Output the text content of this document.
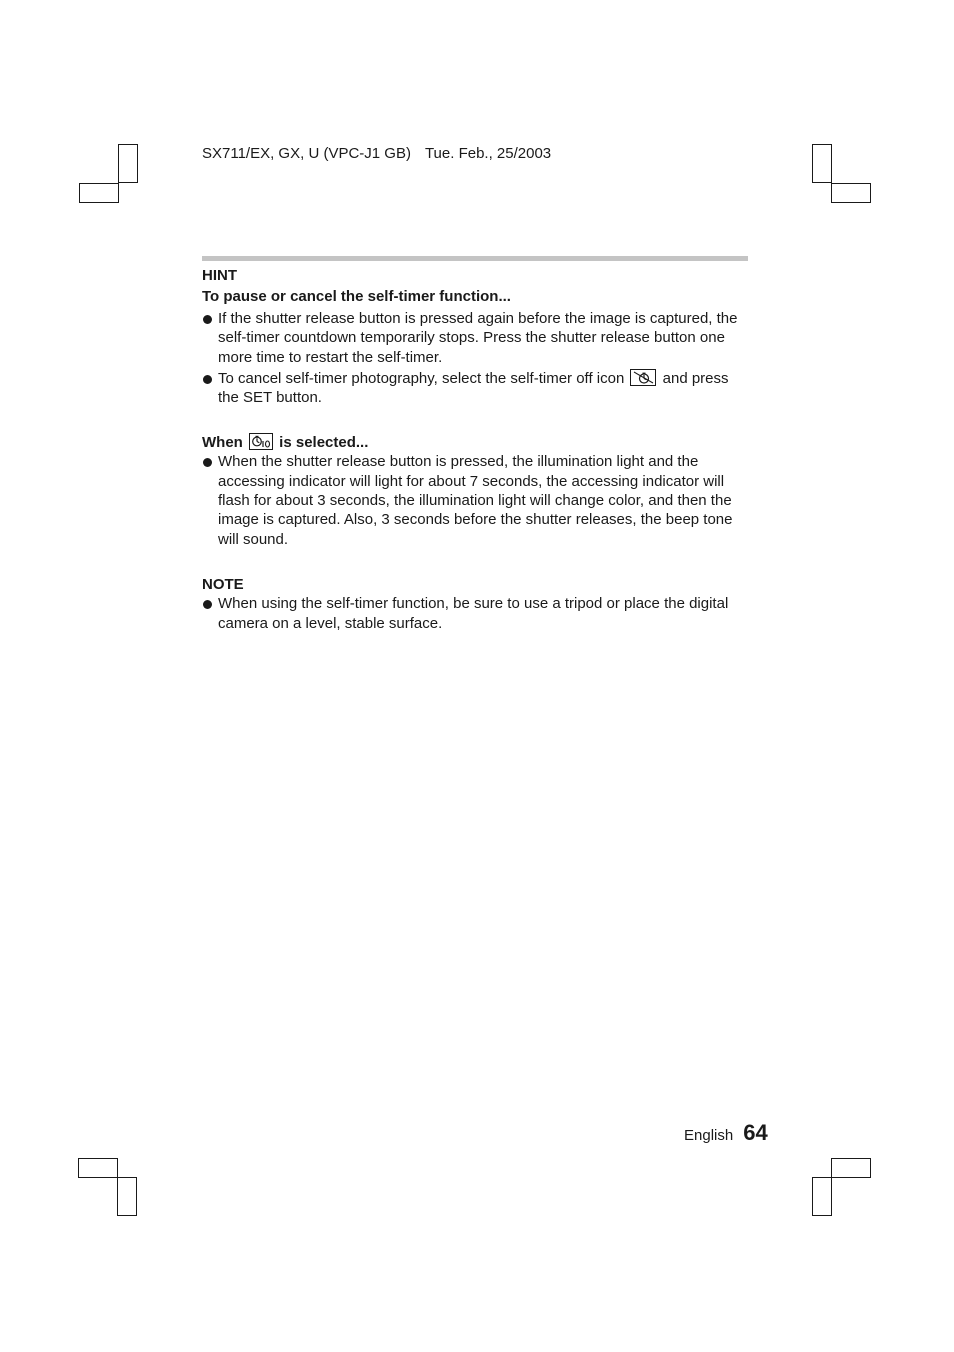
SX711/EX, GX, U (VPC-J1 GB) Tue. Feb., 25/2003

HINT

To pause or cancel the self-timer function...

If the shutter release button is pressed again before the image is captured, the self-timer countdown temporarily stops. Press the shutter release button one more time to restart the self-timer.
To cancel self-timer photography, select the self-timer off icon	and press the SET button.

When is selected...

When the shutter release button is pressed, the illumination light and the accessing indicator will light for about 7 seconds, the accessing indicator will flash for about 3 seconds, the illumination light will change color, and then the image is captured. Also, 3 seconds before the shutter releases, the beep tone will sound.

NOTE

When using the self-timer function, be sure to use a tripod or place the digital camera on a level, stable surface.
English 64
